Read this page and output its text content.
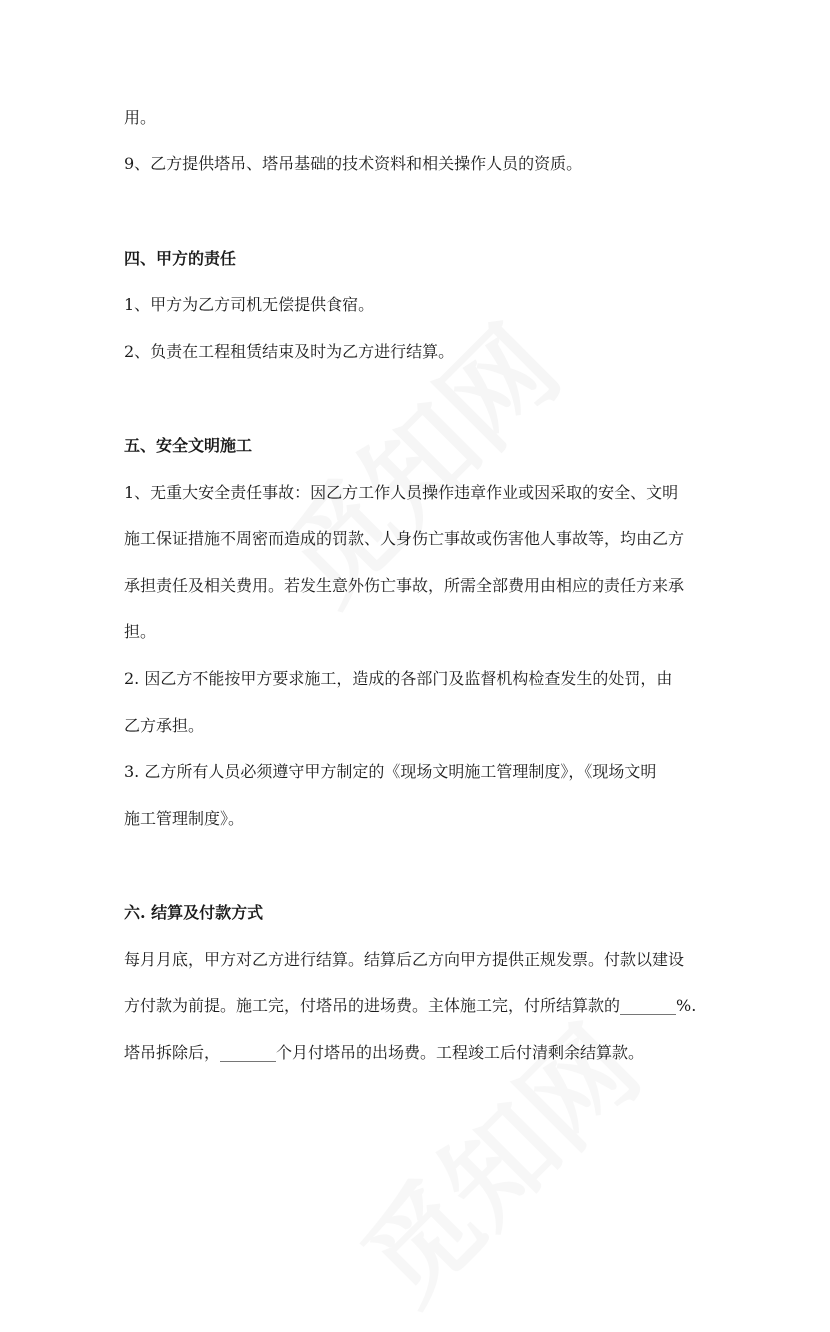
用。
9、乙方提供塔吊、塔吊基础的技术资料和相关操作人员的资质。
四、甲方的责任
1、甲方为乙方司机无偿提供食宿。
2、负责在工程租赁结束及时为乙方进行结算。
五、安全文明施工
1、无重大安全责任事故：因乙方工作人员操作违章作业或因采取的安全、文明
施工保证措施不周密而造成的罚款、人身伤亡事故或伤害他人事故等，均由乙方
承担责任及相关费用。若发生意外伤亡事故，所需全部费用由相应的责任方来承
担。
2. 因乙方不能按甲方要求施工，造成的各部门及监督机构检查发生的处罚，由
乙方承担。
3. 乙方所有人员必须遵守甲方制定的《现场文明施工管理制度》，《现场文明
施工管理制度》。
六. 结算及付款方式
每月月底，甲方对乙方进行结算。结算后乙方向甲方提供正规发票。付款以建设
方付款为前提。施工完，付塔吊的进场费。主体施工完，付所结算款的_______%.
塔吊拆除后，_______个月付塔吊的出场费。工程竣工后付清剩余结算款。
